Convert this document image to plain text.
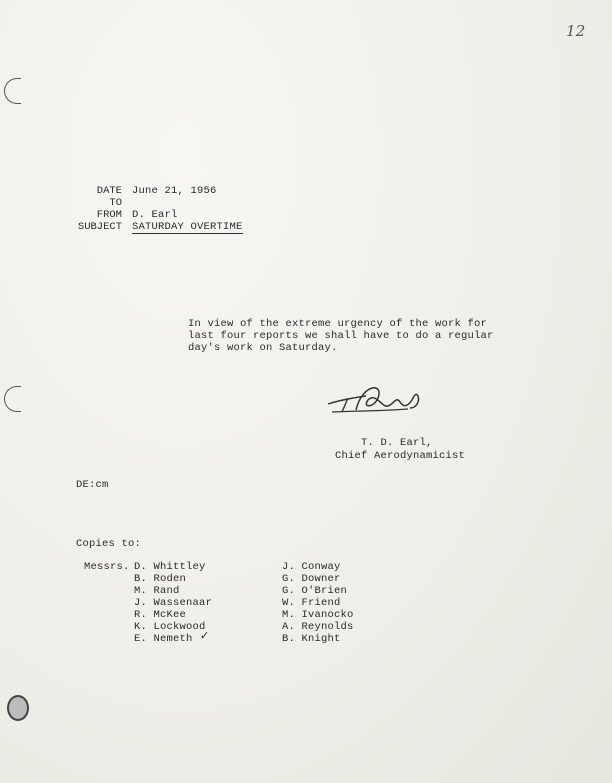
12
DATE June 21, 1956
TO
FROM D. Earl
SUBJECT SATURDAY OVERTIME
In view of the extreme urgency of the work for
last four reports we shall have to do a regular
day's work on Saturday.
T. D. Earl,
Chief Aerodynamicist
DE:cm
Copies to:
Messrs. D. Whittley
B. Roden
M. Rand
J. Wassenaar
R. McKee
K. Lockwood
E. Nemeth ✓
J. Conway
G. Downer
G. O'Brien
W. Friend
M. Ivanocko
A. Reynolds
B. Knight
